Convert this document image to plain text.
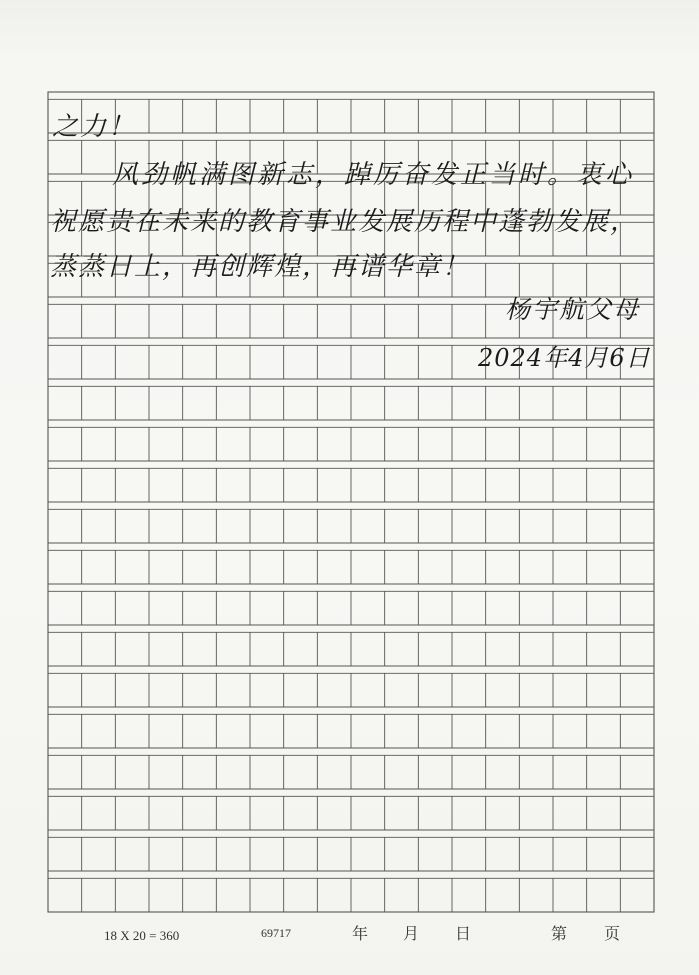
之力！
风劲帆满图新志，踔厉奋发正当时。衷心
祝愿贵在未来的教育事业发展历程中蓬勃发展，
蒸蒸日上，再创辉煌，再谱华章！
杨宇航父母
2024年4月6日
18 X 20 = 360	69717	年 月 日	第 页
